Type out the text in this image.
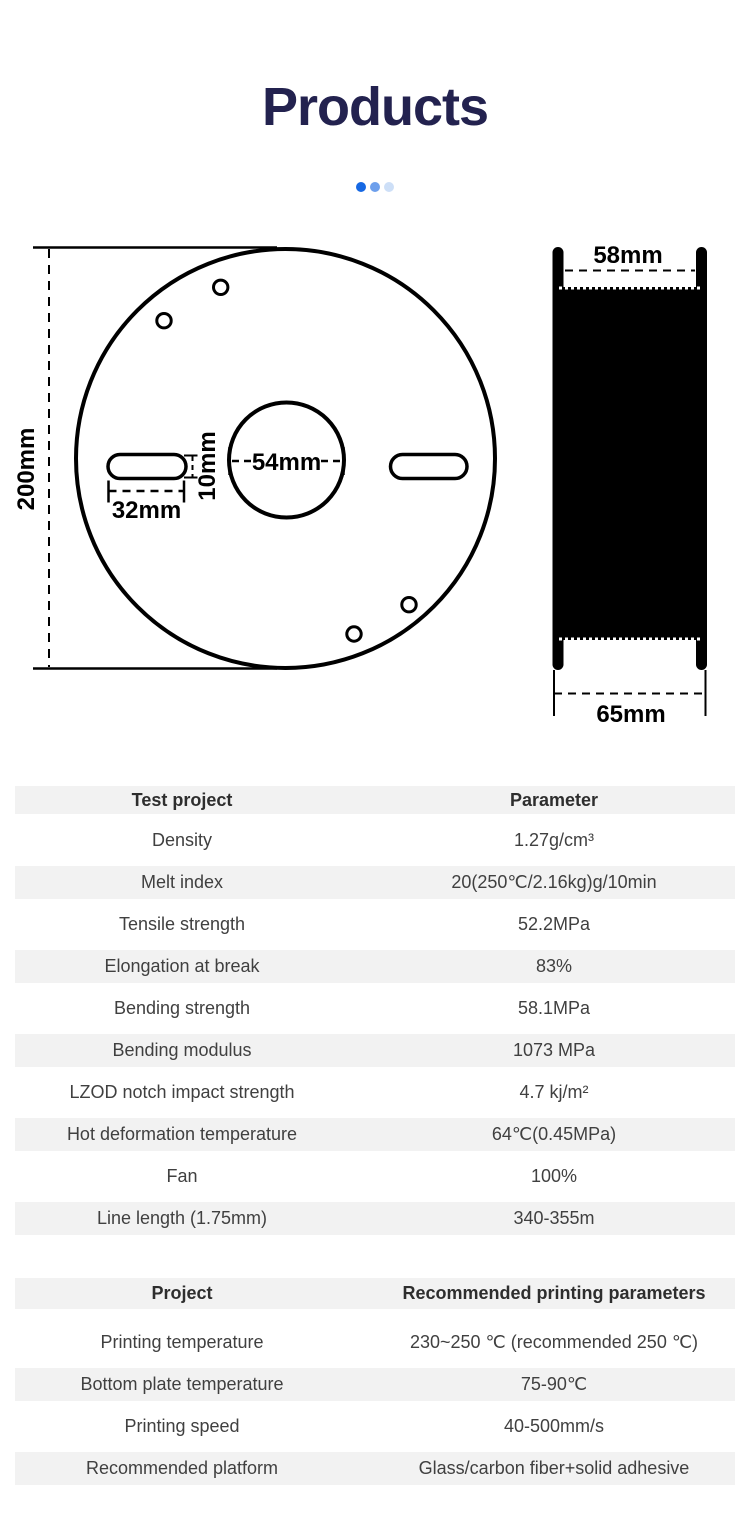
Products
200mm	54mm
10mm
32mm
58mm
65mm
Test project	Parameter
Density	1.27g/cm³
Melt index	20(250℃/2.16kg)g/10min
Tensile strength	52.2MPa
Elongation at break	83%
Bending strength	58.1MPa
Bending modulus	1073 MPa
LZOD notch impact strength	4.7 kj/m²
Hot deformation temperature	64℃(0.45MPa)
Fan	100%
Line length (1.75mm)	340-355m
Project	Recommended printing parameters
Printing temperature	230~250 ℃ (recommended 250 ℃)
Bottom plate temperature	75-90℃
Printing speed	40-500mm/s
Recommended platform	Glass/carbon fiber+solid adhesive
